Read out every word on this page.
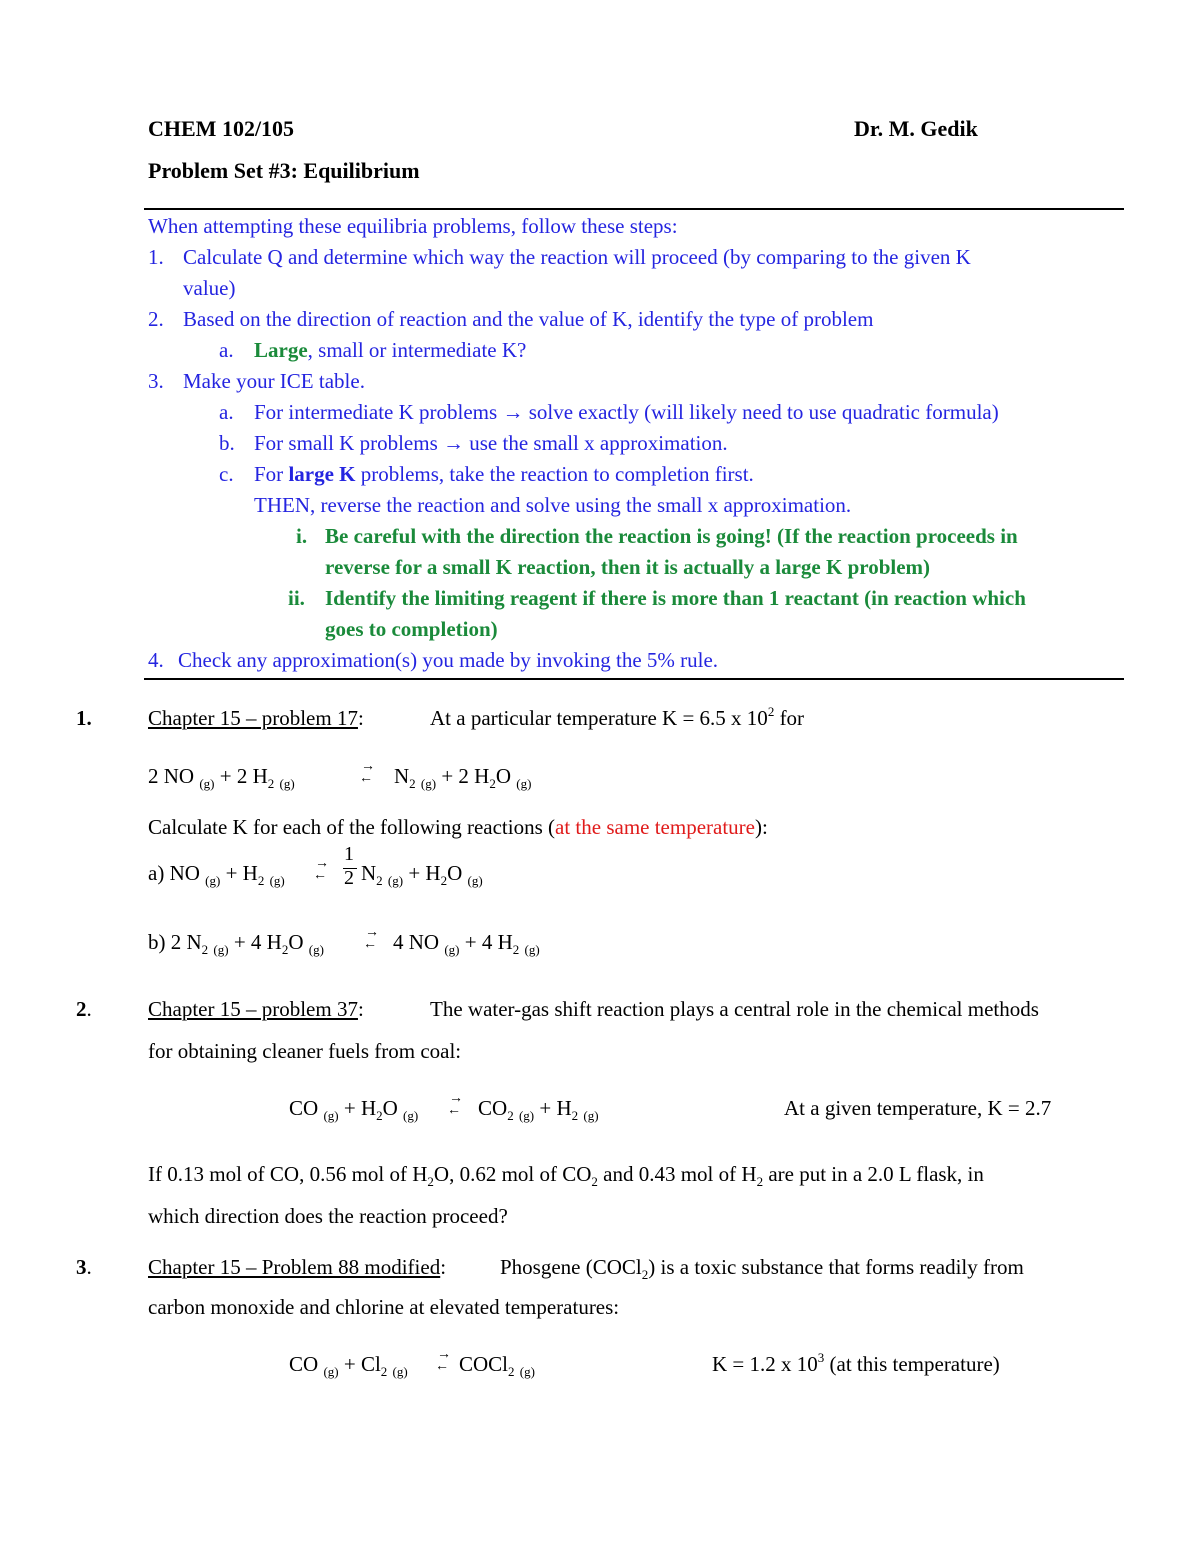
CHEM 102/105	Dr. M. Gedik
Problem Set #3: Equilibrium
When attempting these equilibria problems, follow these steps:
1. Calculate Q and determine which way the reaction will proceed (by comparing to the given K
value)
2. Based on the direction of reaction and the value of K, identify the type of problem
a. Large, small or intermediate K?
3. Make your ICE table.
a. For intermediate K problems → solve exactly (will likely need to use quadratic formula)
b. For small K problems → use the small x approximation.
c. For large K problems, take the reaction to completion first.
THEN, reverse the reaction and solve using the small x approximation.
i. Be careful with the direction the reaction is going! (If the reaction proceeds in
reverse for a small K reaction, then it is actually a large K problem)
ii. Identify the limiting reagent if there is more than 1 reactant (in reaction which
goes to completion)
4. Check any approximation(s) you made by invoking the 5% rule.
1.	Chapter 15 – problem 17:	At a particular temperature K = 6.5 x $10^2$ for
2 NO $_{(g)}$ + 2 $H_2$ $_{(g)}$
→
← $N_2$ $_{(g)}$ + 2 $H_2O$ $_{(g)}$
Calculate K for each of the following reactions (at the same temperature):
a) NO $_{(g)} + H_2$ $_{(g)}$
→
← $\frac{1}{2} N_2$ $_{(g)} + H_2O$ $_{(g)}$
b) 2 $N_2$ $_{(g)}$ + 4 $H_2O$ $_{(g)}$
→
← 4 NO $_{(g)}$ + 4 $H_2$ $_{(g)}$
2.	Chapter 15 – problem 37:	The water-gas shift reaction plays a central role in the chemical methods
for obtaining cleaner fuels from coal:
CO $_{(g)} + H_2O$ $_{(g)}$
→
← $CO_2$ $_{(g)} + H_2$ $_{(g)}$	At a given temperature, K = 2.7
If 0.13 mol of CO, 0.56 mol of $H_2O$, 0.62 mol of $CO_2$ and 0.43 mol of $H_2$ are put in a 2.0 L flask, in
which direction does the reaction proceed?
3.	Chapter 15 – Problem 88 modified:	Phosgene (COCl$_2$) is a toxic substance that forms readily from
carbon monoxide and chlorine at elevated temperatures:
CO $_{(g)} + Cl_2$ $_{(g)}$
→
← COCl$_2$ $_{(g)}$	K = 1.2 x $10^3$ (at this temperature)
